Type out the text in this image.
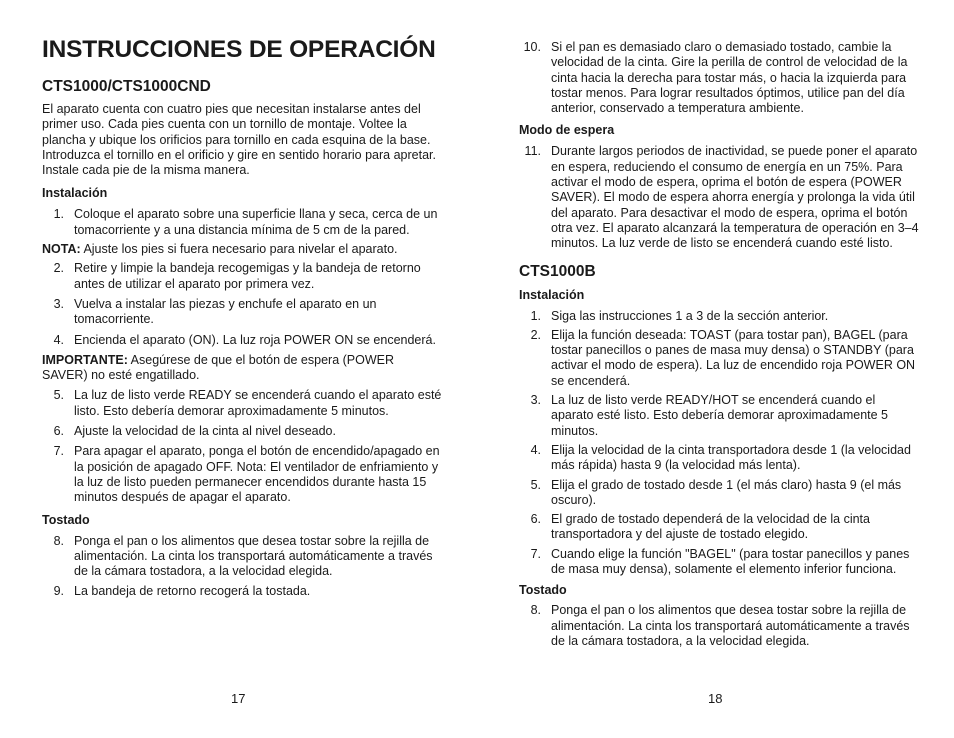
INSTRUCCIONES DE OPERACIÓN
CTS1000/CTS1000CND

El aparato cuenta con cuatro pies que necesitan instalarse antes del primer uso. Cada pies cuenta con un tornillo de montaje. Voltee la plancha y ubique los orificios para tornillo en cada esquina de la base. Introduzca el tornillo en el orificio y gire en sentido horario para apretar. Instale cada pie de la misma manera.

Instalación
1. Coloque el aparato sobre una superficie llana y seca, cerca de un tomacorriente y a una distancia mínima de 5 cm de la pared.

NOTA: Ajuste los pies si fuera necesario para nivelar el aparato.

2. Retire y limpie la bandeja recogemigas y la bandeja de retorno antes de utilizar el aparato por primera vez.
3. Vuelva a instalar las piezas y enchufe el aparato en un tomacorriente.
4. Encienda el aparato (ON). La luz roja POWER ON se encenderá.

IMPORTANTE: Asegúrese de que el botón de espera (POWER SAVER) no esté engatillado.

5. La luz de listo verde READY se encenderá cuando el aparato esté listo. Esto debería demorar aproximadamente 5 minutos.
6. Ajuste la velocidad de la cinta al nivel deseado.
7. Para apagar el aparato, ponga el botón de encendido/apagado en la posición de apagado OFF. Nota: El ventilador de enfriamiento y la luz de listo pueden permanecer encendidos durante hasta 15 minutos después de apagar el aparato.
Tostado
8. Ponga el pan o los alimentos que desea tostar sobre la rejilla de alimentación. La cinta los transportará automáticamente a través de la cámara tostadora, a la velocidad elegida.
9. La bandeja de retorno recogerá la tostada.
17
10. Si el pan es demasiado claro o demasiado tostado, cambie la velocidad de la cinta. Gire la perilla de control de velocidad de la cinta hacia la derecha para tostar más, o hacia la izquierda para tostar menos. Para lograr resultados óptimos, utilice pan del día anterior, conservado a temperatura ambiente.
Modo de espera
11. Durante largos periodos de inactividad, se puede poner el aparato en espera, reduciendo el consumo de energía en un 75%. Para activar el modo de espera, oprima el botón de espera (POWER SAVER). El modo de espera ahorra energía y prolonga la vida útil del aparato. Para desactivar el modo de espera, oprima el botón otra vez. El aparato alcanzará la temperatura de operación en 3–4 minutos. La luz verde de listo se encenderá cuando esté listo.
CTS1000B
Instalación
1. Siga las instrucciones 1 a 3 de la sección anterior.
2. Elija la función deseada: TOAST (para tostar pan), BAGEL (para tostar panecillos o panes de masa muy densa) o STANDBY (para activar el modo de espera). La luz de encendido roja POWER ON se encenderá.
3. La luz de listo verde READY/HOT se encenderá cuando el aparato esté listo. Esto debería demorar aproximadamente 5 minutos.
4. Elija la velocidad de la cinta transportadora desde 1 (la velocidad más rápida) hasta 9 (la velocidad más lenta).
5. Elija el grado de tostado desde 1 (el más claro) hasta 9 (el más oscuro).
6. El grado de tostado dependerá de la velocidad de la cinta transportadora y del ajuste de tostado elegido.
7. Cuando elige la función "BAGEL" (para tostar panecillos y panes de masa muy densa), solamente el elemento inferior funciona.
Tostado
8. Ponga el pan o los alimentos que desea tostar sobre la rejilla de alimentación. La cinta los transportará automáticamente a través de la cámara tostadora, a la velocidad elegida.
18
